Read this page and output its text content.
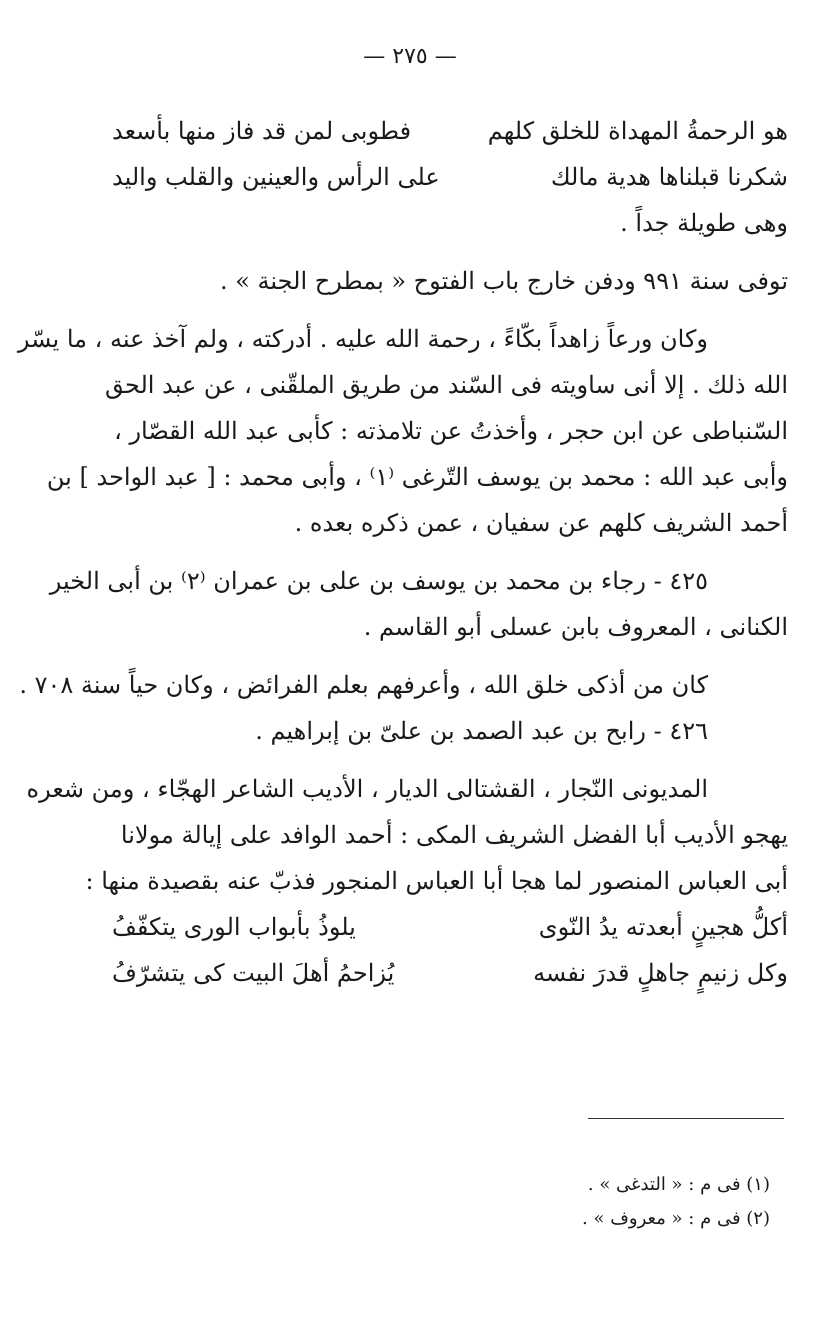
— ٢٧٥ —
هو الرحمةُ المهداة للخلق كلهم
فطوبى لمن قد فاز منها بأسعد
شكرنا قبلناها هدية مالك
على الرأس والعينين والقلب واليد
وهى طويلة جداً .
توفى سنة ٩٩١ ودفن خارج باب الفتوح « بمطرح الجنة » .
وكان ورعاً زاهداً بكّاءً ، رحمة الله عليه . أدركته ، ولم آخذ عنه ، ما يسّر
الله ذلك . إلا أنى ساويته فى السّند من طريق الملقّنى ، عن عبد الحق
السّنباطى عن ابن حجر ، وأخذتُ عن تلامذته : كأبى عبد الله القصّار ،
وأبى عبد الله : محمد بن يوسف التّرغى ⁽١⁾ ، وأبى محمد : [ عبد الواحد ] بن
أحمد الشريف كلهم عن سفيان ، عمن ذكره بعده .
٤٢٥ - رجاء بن محمد بن يوسف بن على بن عمران ⁽٢⁾ بن أبى الخير
الكنانى ، المعروف بابن عسلى أبو القاسم .
كان من أذكى خلق الله ، وأعرفهم بعلم الفرائض ، وكان حياً سنة ٧٠٨ .
٤٢٦ - رابح بن عبد الصمد بن علىّ بن إبراهيم .
المديونى النّجار ، القشتالى الديار ، الأديب الشاعر الهجّاء ، ومن شعره
يهجو الأديب أبا الفضل الشريف المكى : أحمد الوافد على إيالة مولانا
أبى العباس المنصور لما هجا أبا العباس المنجور فذبّ عنه بقصيدة منها :
أكلُّ هجينٍ أبعدته يدُ النّوى
يلوذُ بأبواب الورى يتكفّفُ
وكل زنيمٍ جاهلٍ قدرَ نفسه
يُزاحمُ أهلَ البيت كى يتشرّفُ
(١) فى م : « التدغى » .
(٢) فى م : « معروف » .
